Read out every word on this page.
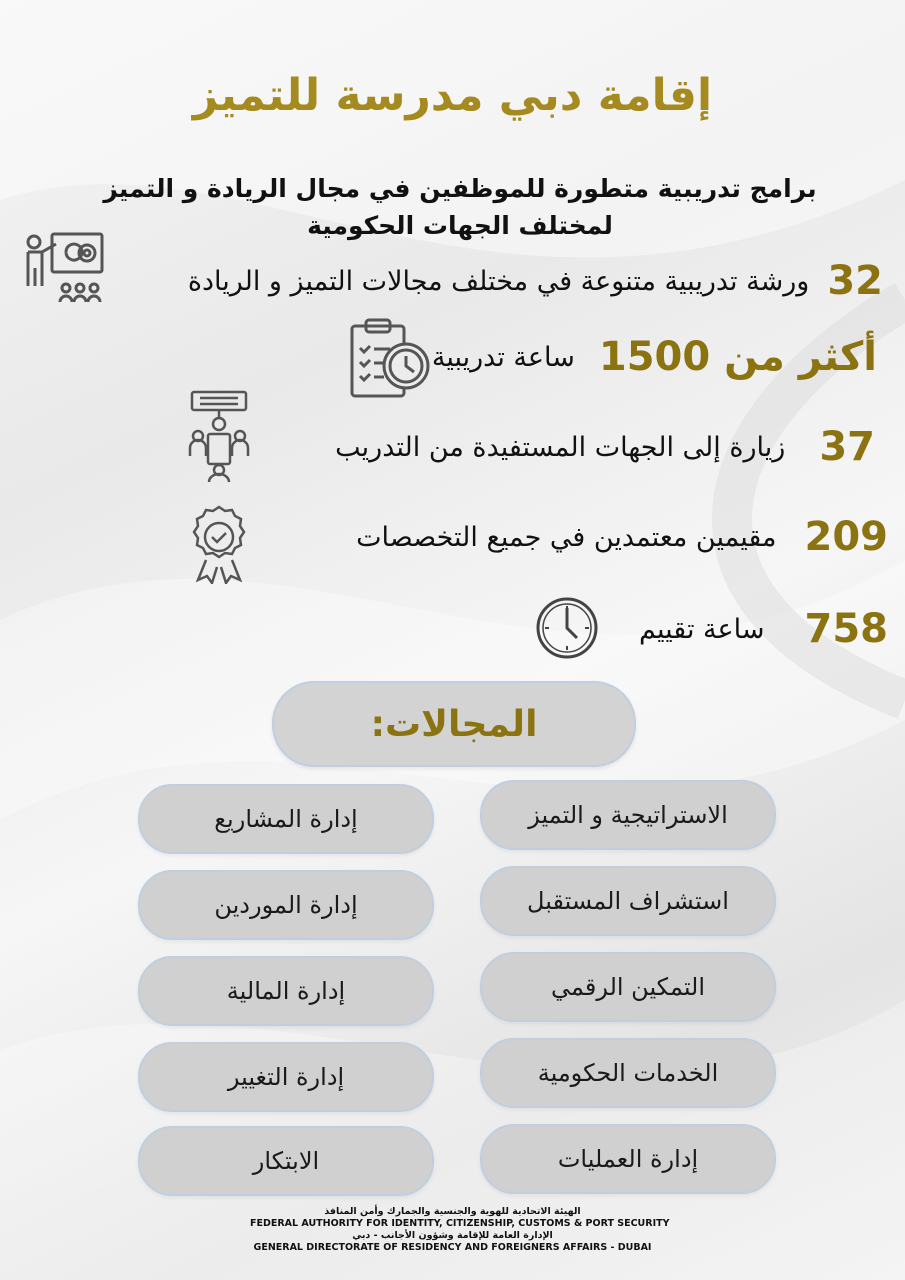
إقامة دبي مدرسة للتميز

برامج تدريبية متطورة للموظفين في مجال الريادة و التميز لمختلف الجهات الحكومية

32
ورشة تدريبية متنوعة في مختلف مجالات التميز و الريادة
أكثر من 1500
ساعة تدريبية
37
زيارة إلى الجهات المستفيدة من التدريب
209
مقيمين معتمدين في جميع التخصصات
758
ساعة تقييم
المجالات:
الاستراتيجية و التميز
استشراف المستقبل
التمكين الرقمي
الخدمات الحكومية
إدارة العمليات
إدارة المشاريع
إدارة الموردين
إدارة المالية
إدارة التغيير
الابتكار
الهيئة الاتحادية للهوية والجنسية والجمارك وأمن المنافذ
FEDERAL AUTHORITY FOR IDENTITY, CITIZENSHIP, CUSTOMS & PORT SECURITY
الإدارة العامة للإقامة وشؤون الأجانب - دبي
GENERAL DIRECTORATE OF RESIDENCY AND FOREIGNERS AFFAIRS - DUBAI
